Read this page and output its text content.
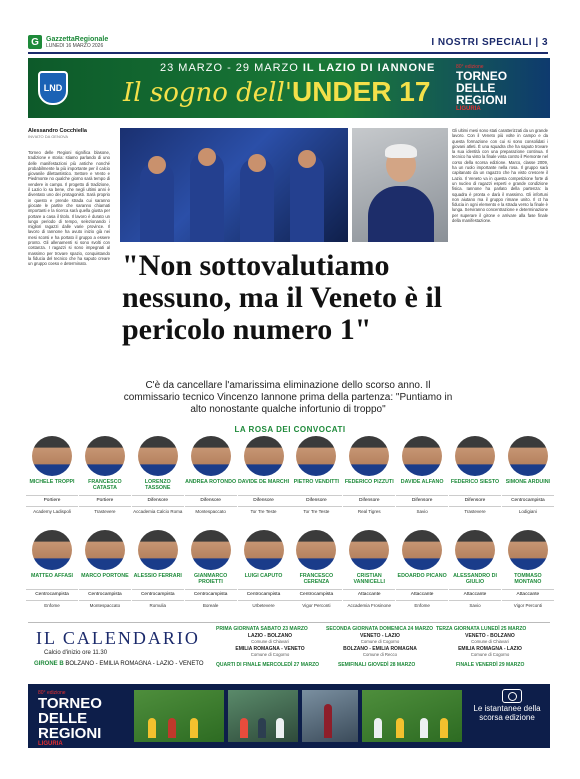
G	GazzettaRegionale
LUNEDI 16 MARZO 2026	I NOSTRI SPECIALI | 3
LND
23 MARZO - 29 MARZO IL LAZIO DI IANNONE
Il sogno dell'UNDER 17
80° edizione
TORNEO DELLE REGIONI
LIGURIA
Alessandro Cocchiella
INVIATO DA GENOVA
Torneo delle Regioni significa blasone, tradizione e storia: stiamo parlando di uno delle manifestazioni più antiche nonché probabilmente la più importante per il calcio giovanile dilettantistico. Settore e Vento e Piedmonte no qualche giorno sarà tempo di vendere in campo. Il progetto di tradizione, il Lazio lo sa bene, che negli ultimi anni è diventato uno dei protagonisti. Sarà proprio in questo e prende strada cui saranno giocate le partite che saranno chiamati importanti e la ricerca sarà quella giusta per portare a casa il titolo. Il lavoro è durato un lungo periodo di tempo, selezionando i migliori ragazzi dalle varie province. Il lavoro di Iannone ha avuto inizio già nei mesi scorsi e ha portato il gruppo a essere pronto. Gli allenamenti si sono svolti con costanza. I ragazzi si sono impegnati al massimo per trovare spazio, conquistando la fiducia del tecnico che ha saputo creare un gruppo coeso e determinato.
Gli ultimi mesi sono stati caratterizzati da un grande lavoro. Con il Veneto più volte in campo e da questa formazione con cui si sono consolidati i giovani atleti. È una squadra che ha saputo trovare la sua identità con una preparazione continua. Il tecnico ha visto la finale vinta contro il Piemonte nel corso della scorsa edizione. Marco, classe 2009, ha un ruolo importante nella rosa. Il gruppo sarà capitanato da un ragazzo che ha visto crescere il Lazio. Il Veneto va in questa competizione forte di un nucleo di ragazzi esperti e grande condizione fisica. Iannone ha parlato della partenza: la squadra è pronta e darà il massimo. Gli infortuni non aiutano ma il gruppo rimane unito. Il ct ha fiducia in ogni elemento e la strada verso la finale è lunga. Serviranno concentrazione e determinazione per superare il girone e arrivare alla fase finale della manifestazione.
"Non sottovalutiamo nessuno, ma il Veneto è il pericolo numero 1"
C'è da cancellare l'amarissima eliminazione dello scorso anno. Il commissario tecnico Vincenzo Iannone prima della partenza: "Puntiamo in alto nonostante qualche infortunio di troppo"
LA ROSA DEI CONVOCATI
MICHELE TROPPI
Portiere
Academy Ladispoli
FRANCESCO CATASTA
Portiere
Trastevere
LORENZO TASSONE
Difensore
Accademia Calcio Roma
ANDREA ROTONDO
Difensore
Montespaccato
DAVIDE DE MARCHI
Difensore
Tor Tre Teste
PIETRO VENDITTI
Difensore
Tor Tre Teste
FEDERICO PIZZUTI
Difensore
Real Tigres
DAVIDE ALFANO
Difensore
Savio
FEDERICO SIESTO
Difensore
Trastevere
SIMONE ARDUINI
Centrocampista
Lodigiani
MATTEO AFFASI
Centrocampista
Enfome
MARCO PORTONE
Centrocampista
Montespaccato
ALESSIO FERRARI
Centrocampista
Romulia
GIANMARCO PROIETTI
Centrocampista
Boreale
LUIGI CAPUTO
Centrocampista
Urbetevere
FRANCESCO CERENZA
Centrocampista
Vigor Perconti
CRISTIAN VANNICELLI
Attaccante
Accademia Frosinone
EDOARDO PICANO
Attaccante
Enfome
ALESSANDRO DI GIULIO
Attaccante
Savio
TOMMASO MONTANO
Attaccante
Vigor Perconti
IL CALENDARIO
Calcio d'inizio ore 11.30
GIRONE B BOLZANO - EMILIA ROMAGNA - LAZIO - VENETO
PRIMA GIORNATA SABATO 23 MARZO
LAZIO - BOLZANO
Comune di Chiavari
EMILIA ROMAGNA - VENETO
Comune di Cogorno
SECONDA GIORNATA DOMENICA 24 MARZO
VENETO - LAZIO
Comune di Cogorno
BOLZANO - EMILIA ROMAGNA
Comune di Recco
TERZA GIORNATA LUNEDÌ 25 MARZO
VENETO - BOLZANO
Comune di Chiavari
EMILIA ROMAGNA - LAZIO
Comune di Cogorno
QUARTI DI FINALE MERCOLEDÌ 27 MARZO	SEMIFINALI GIOVEDÌ 28 MARZO	FINALE VENERDÌ 29 MARZO
80° edizione
TORNEO DELLE REGIONI
LIGURIA
Le istantanee della scorsa edizione
